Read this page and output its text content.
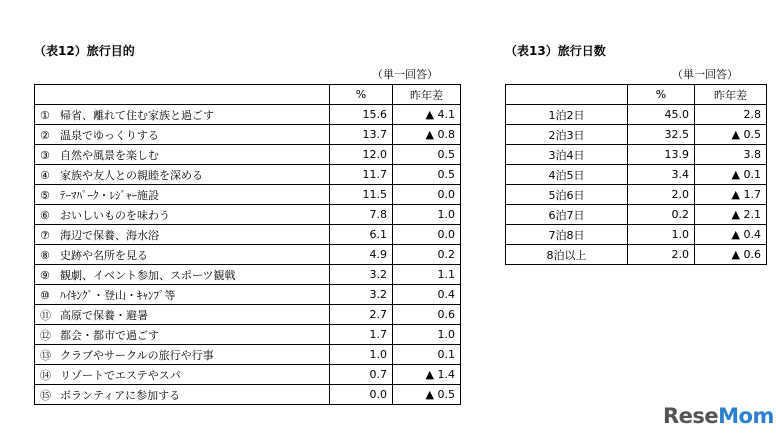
（表12）旅行目的
（単一回答）
	%	昨年差
① 帰省、離れて住む家族と過ごす	15.6	▲ 4.1
② 温泉でゆっくりする	13.7	▲ 0.8
③ 自然や風景を楽しむ	12.0	0.5
④ 家族や友人との親睦を深める	11.7	0.5
⑤ ﾃｰﾏﾊﾟｰｸ・ﾚｼﾞｬｰ施設	11.5	0.0
⑥ おいしいものを味わう	7.8	1.0
⑦ 海辺で保養、海水浴	6.1	0.0
⑧ 史跡や名所を見る	4.9	0.2
⑨ 観劇、イベント参加、スポーツ観戦	3.2	1.1
⑩ ﾊｲｷﾝｸﾞ・登山・ｷｬﾝﾌﾟ等	3.2	0.4
⑪ 高原で保養・避暑	2.7	0.6
⑫ 都会・都市で過ごす	1.7	1.0
⑬ クラブやサークルの旅行や行事	1.0	0.1
⑭ リゾートでエステやスパ	0.7	▲ 1.4
⑮ ボランティアに参加する	0.0	▲ 0.5
（表13）旅行日数
（単一回答）
	%	昨年差
1泊2日	45.0	2.8
2泊3日	32.5	▲ 0.5
3泊4日	13.9	3.8
4泊5日	3.4	▲ 0.1
5泊6日	2.0	▲ 1.7
6泊7日	0.2	▲ 2.1
7泊8日	1.0	▲ 0.4
8泊以上	2.0	▲ 0.6
ReseMom
